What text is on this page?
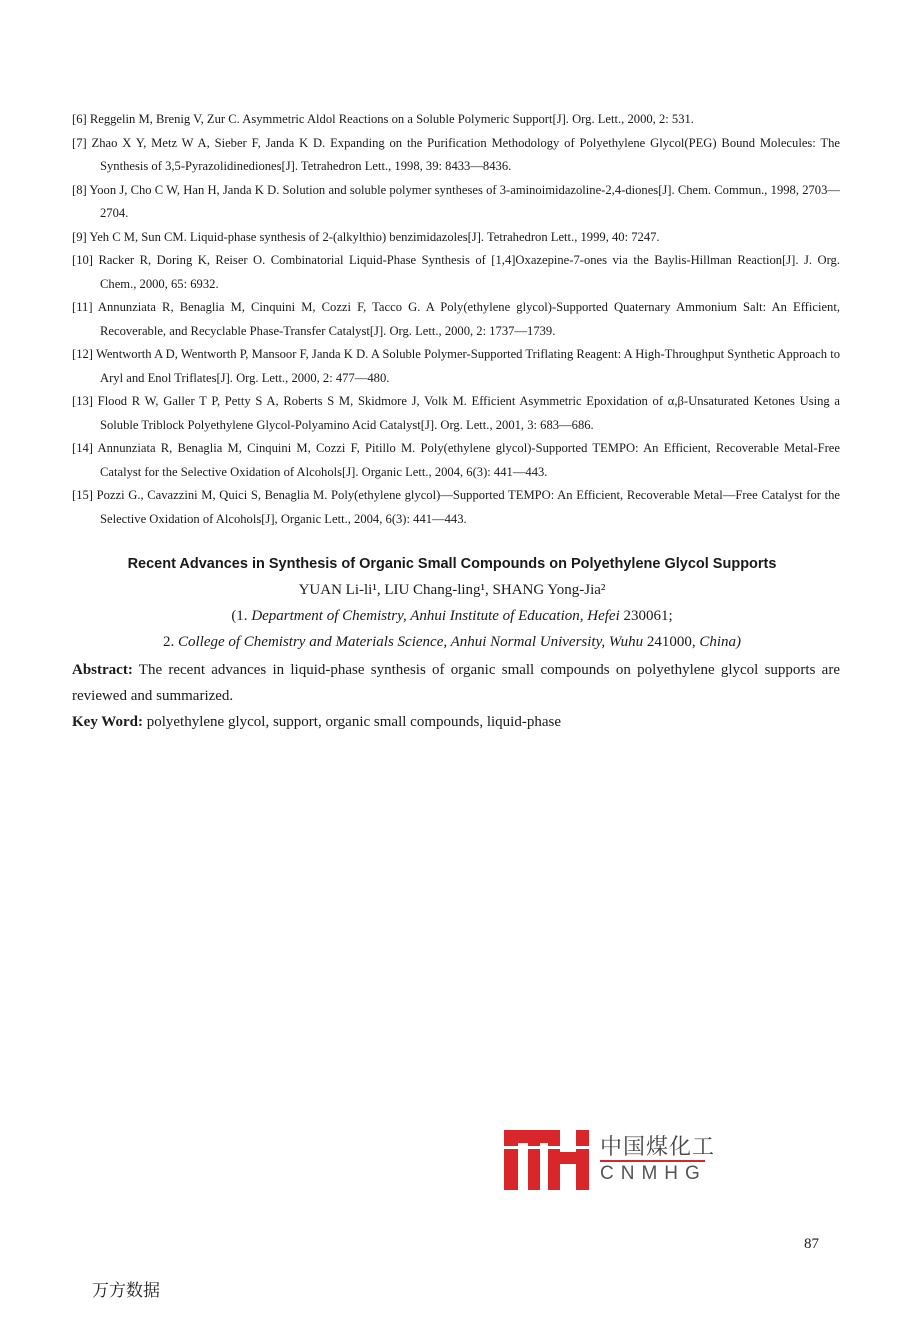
[6] Reggelin M, Brenig V, Zur C. Asymmetric Aldol Reactions on a Soluble Polymeric Support[J]. Org. Lett., 2000, 2: 531.
[7] Zhao X Y, Metz W A, Sieber F, Janda K D. Expanding on the Purification Methodology of Polyethylene Glycol(PEG) Bound Molecules: The Synthesis of 3,5-Pyrazolidinediones[J]. Tetrahedron Lett., 1998, 39: 8433—8436.
[8] Yoon J, Cho C W, Han H, Janda K D. Solution and soluble polymer syntheses of 3-aminoimidazoline-2,4-diones[J]. Chem. Commun., 1998, 2703—2704.
[9] Yeh C M, Sun CM. Liquid-phase synthesis of 2-(alkylthio) benzimidazoles[J]. Tetrahedron Lett., 1999, 40: 7247.
[10] Racker R, Doring K, Reiser O. Combinatorial Liquid-Phase Synthesis of [1,4]Oxazepine-7-ones via the Baylis-Hillman Reaction[J]. J. Org. Chem., 2000, 65: 6932.
[11] Annunziata R, Benaglia M, Cinquini M, Cozzi F, Tacco G. A Poly(ethylene glycol)-Supported Quaternary Ammonium Salt: An Efficient, Recoverable, and Recyclable Phase-Transfer Catalyst[J]. Org. Lett., 2000, 2: 1737—1739.
[12] Wentworth A D, Wentworth P, Mansoor F, Janda K D. A Soluble Polymer-Supported Triflating Reagent: A High-Throughput Synthetic Approach to Aryl and Enol Triflates[J]. Org. Lett., 2000, 2: 477—480.
[13] Flood R W, Galler T P, Petty S A, Roberts S M, Skidmore J, Volk M. Efficient Asymmetric Epoxidation of α,β-Unsaturated Ketones Using a Soluble Triblock Polyethylene Glycol-Polyamino Acid Catalyst[J]. Org. Lett., 2001, 3: 683—686.
[14] Annunziata R, Benaglia M, Cinquini M, Cozzi F, Pitillo M. Poly(ethylene glycol)-Supported TEMPO: An Efficient, Recoverable Metal-Free Catalyst for the Selective Oxidation of Alcohols[J]. Organic Lett., 2004, 6(3): 441—443.
[15] Pozzi G., Cavazzini M, Quici S, Benaglia M. Poly(ethylene glycol)—Supported TEMPO: An Efficient, Recoverable Metal—Free Catalyst for the Selective Oxidation of Alcohols[J], Organic Lett., 2004, 6(3): 441—443.
Recent Advances in Synthesis of Organic Small Compounds on Polyethylene Glycol Supports
YUAN Li-li¹, LIU Chang-ling¹, SHANG Yong-Jia²
(1. Department of Chemistry, Anhui Institute of Education, Hefei 230061;
2. College of Chemistry and Materials Science, Anhui Normal University, Wuhu 241000, China)
Abstract: The recent advances in liquid-phase synthesis of organic small compounds on polyethylene glycol supports are reviewed and summarized.
Key Word: polyethylene glycol, support, organic small compounds, liquid-phase
中国煤化工
CNMHG
87
万方数据
